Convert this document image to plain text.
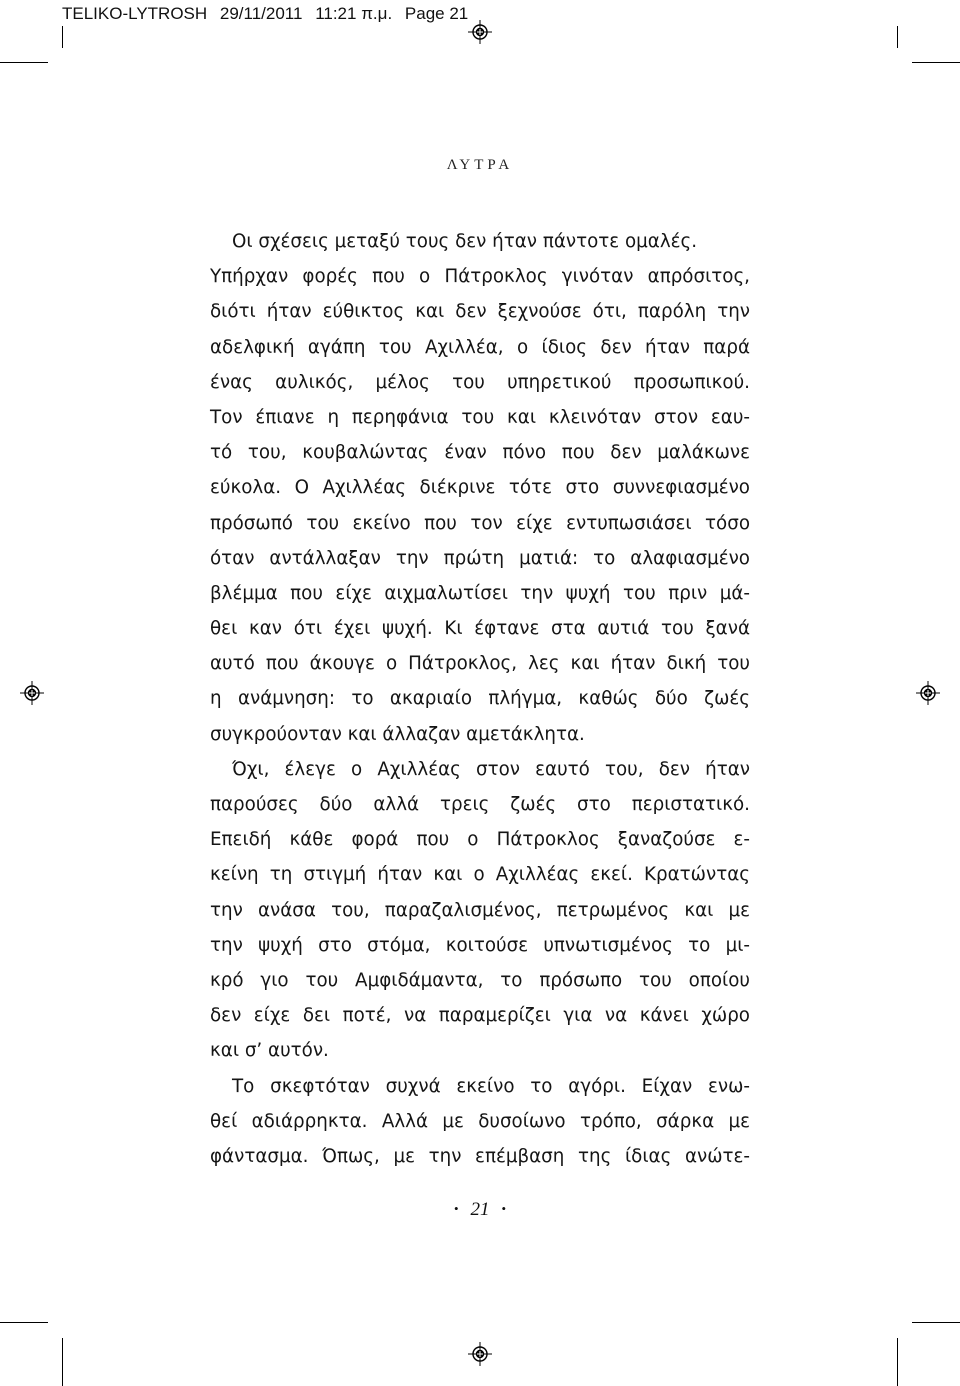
TELIKO-LYTROSH 29/11/2011 11:21 π.μ. Page 21
ΛΥΤΡΑ
Οι σχέσεις μεταξύ τους δεν ήταν πάντοτε ομαλές.
Υπήρχαν φορές που ο Πάτροκλος γινόταν απρόσιτος,
διότι ήταν εύθικτος και δεν ξεχνούσε ότι, παρόλη την
αδελφική αγάπη του Αχιλλέα, ο ίδιος δεν ήταν παρά
ένας αυλικός, μέλος του υπηρετικού προσωπικού.
Τον έπιανε η περηφάνια του και κλεινόταν στον εαυ-
τό του, κουβαλώντας έναν πόνο που δεν μαλάκωνε
εύκολα. Ο Αχιλλέας διέκρινε τότε στο συννεφιασμένο
πρόσωπό του εκείνο που τον είχε εντυπωσιάσει τόσο
όταν αντάλλαξαν την πρώτη ματιά: το αλαφιασμένο
βλέμμα που είχε αιχμαλωτίσει την ψυχή του πριν μά-
θει καν ότι έχει ψυχή. Κι έφτανε στα αυτιά του ξανά
αυτό που άκουγε ο Πάτροκλος, λες και ήταν δική του
η ανάμνηση: το ακαριαίο πλήγμα, καθώς δύο ζωές
συγκρούονταν και άλλαζαν αμετάκλητα.
Όχι, έλεγε ο Αχιλλέας στον εαυτό του, δεν ήταν
παρούσες δύο αλλά τρεις ζωές στο περιστατικό.
Επειδή κάθε φορά που ο Πάτροκλος ξαναζούσε ε-
κείνη τη στιγμή ήταν και ο Αχιλλέας εκεί. Κρατώντας
την ανάσα του, παραζαλισμένος, πετρωμένος και με
την ψυχή στο στόμα, κοιτούσε υπνωτισμένος το μι-
κρό γιο του Αμφιδάμαντα, το πρόσωπο του οποίου
δεν είχε δει ποτέ, να παραμερίζει για να κάνει χώρο
και σ’ αυτόν.
Το σκεφτόταν συχνά εκείνο το αγόρι. Είχαν ενω-
θεί αδιάρρηκτα. Αλλά με δυσοίωνο τρόπο, σάρκα με
φάντασμα. Όπως, με την επέμβαση της ίδιας ανώτε-
• 21 •
